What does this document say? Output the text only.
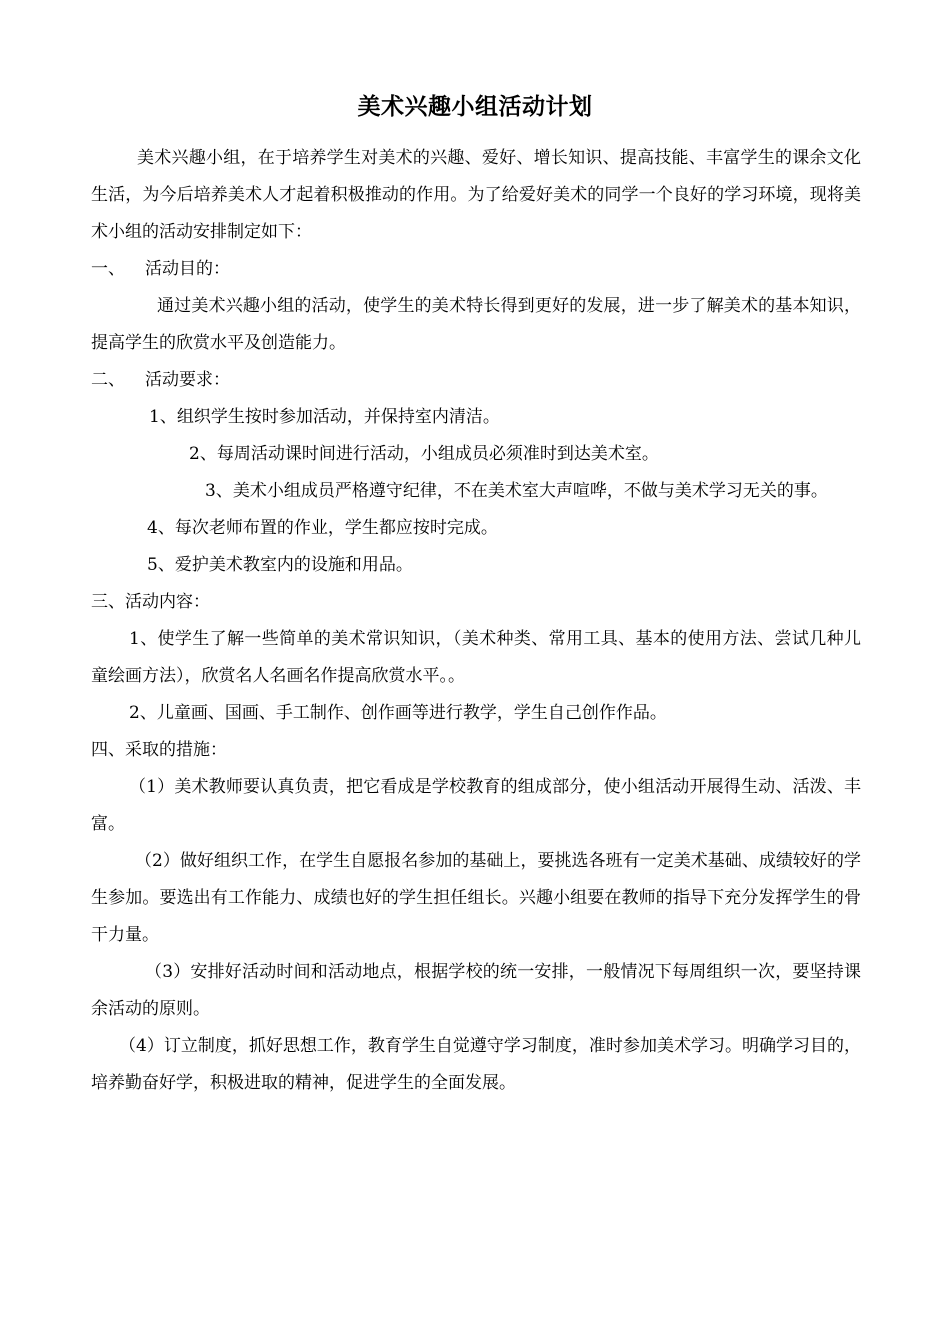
美术兴趣小组活动计划

美术兴趣小组，在于培养学生对美术的兴趣、爱好、增长知识、提高技能、丰富学生的课余文化生活，为今后培养美术人才起着积极推动的作用。为了给爱好美术的同学一个良好的学习环境，现将美术小组的活动安排制定如下：

一、 活动目的：

通过美术兴趣小组的活动，使学生的美术特长得到更好的发展，进一步了解美术的基本知识，提高学生的欣赏水平及创造能力。

二、 活动要求：

1、组织学生按时参加活动，并保持室内清洁。

2、每周活动课时间进行活动，小组成员必须准时到达美术室。

3、美术小组成员严格遵守纪律，不在美术室大声喧哗，不做与美术学习无关的事。

4、每次老师布置的作业，学生都应按时完成。

5、爱护美术教室内的设施和用品。

三、活动内容：

1、使学生了解一些简单的美术常识知识，（美术种类、常用工具、基本的使用方法、尝试几种儿童绘画方法），欣赏名人名画名作提高欣赏水平。。

2、儿童画、国画、手工制作、创作画等进行教学，学生自己创作作品。

四、采取的措施：

（1）美术教师要认真负责，把它看成是学校教育的组成部分，使小组活动开展得生动、活泼、丰富。

（2）做好组织工作，在学生自愿报名参加的基础上，要挑选各班有一定美术基础、成绩较好的学生参加。要选出有工作能力、成绩也好的学生担任组长。兴趣小组要在教师的指导下充分发挥学生的骨干力量。

（3）安排好活动时间和活动地点，根据学校的统一安排，一般情况下每周组织一次，要坚持课余活动的原则。

（4）订立制度，抓好思想工作，教育学生自觉遵守学习制度，准时参加美术学习。明确学习目的，培养勤奋好学，积极进取的精神，促进学生的全面发展。
